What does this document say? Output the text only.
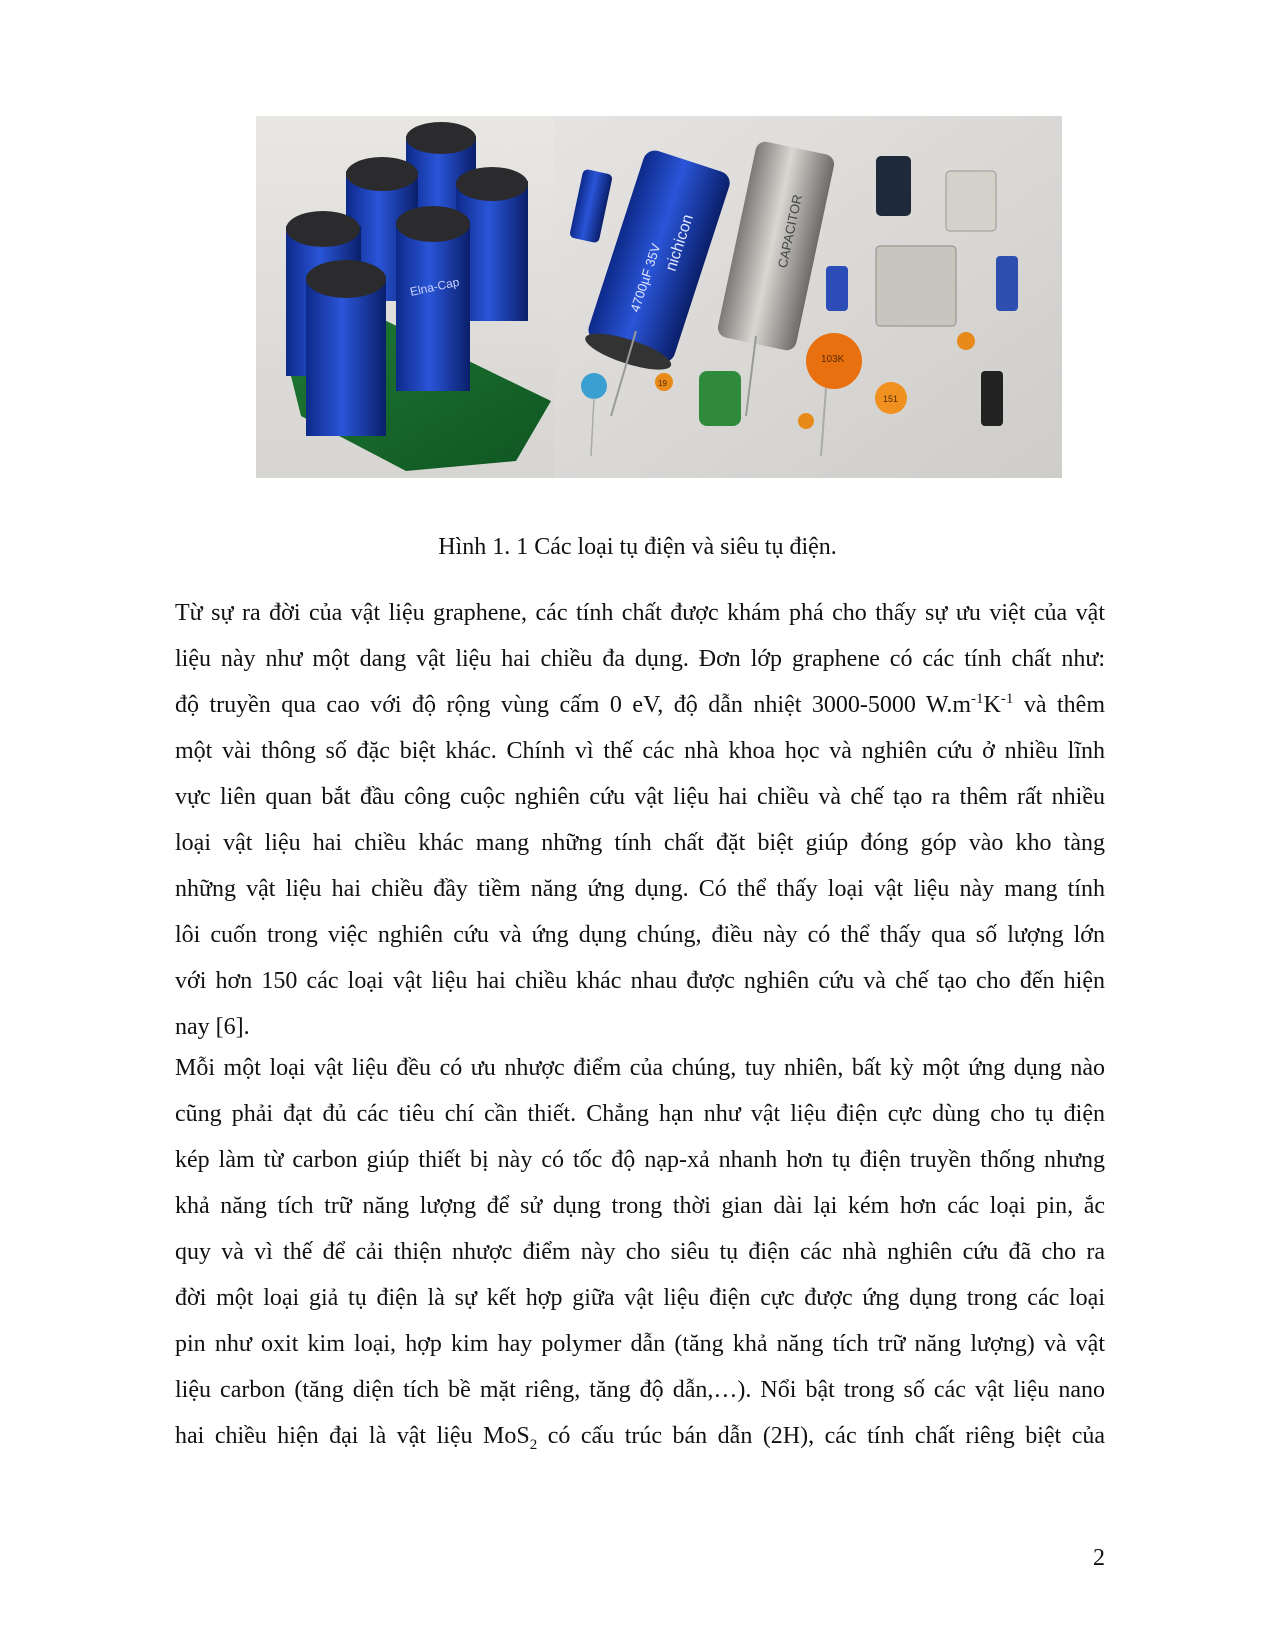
Elna-Cap
nichicon
4700µF 35V
CAPACITOR
103K
19
151
Hình 1. 1 Các loại tụ điện và siêu tụ điện.
Từ sự ra đời của vật liệu graphene, các tính chất được khám phá cho thấy sự ưu việt của vật
liệu này như một dang vật liệu hai chiều đa dụng. Đơn lớp graphene có các tính chất như:
độ truyền qua cao với độ rộng vùng cấm 0 eV, độ dẫn nhiệt 3000-5000 $W.m^{-1}K^{-1}$ và thêm
một vài thông số đặc biệt khác. Chính vì thế các nhà khoa học và nghiên cứu ở nhiều lĩnh
vực liên quan bắt đầu công cuộc nghiên cứu vật liệu hai chiều và chế tạo ra thêm rất nhiều
loại vật liệu hai chiều khác mang những tính chất đặt biệt giúp đóng góp vào kho tàng
những vật liệu hai chiều đầy tiềm năng ứng dụng. Có thể thấy loại vật liệu này mang tính
lôi cuốn trong việc nghiên cứu và ứng dụng chúng, điều này có thể thấy qua số lượng lớn
với hơn 150 các loại vật liệu hai chiều khác nhau được nghiên cứu và chế tạo cho đến hiện
nay [6].
Mỗi một loại vật liệu đều có ưu nhược điểm của chúng, tuy nhiên, bất kỳ một ứng dụng nào
cũng phải đạt đủ các tiêu chí cần thiết. Chẳng hạn như vật liệu điện cực dùng cho tụ điện
kép làm từ carbon giúp thiết bị này có tốc độ nạp-xả nhanh hơn tụ điện truyền thống nhưng
khả năng tích trữ năng lượng để sử dụng trong thời gian dài lại kém hơn các loại pin, ắc
quy và vì thế để cải thiện nhược điểm này cho siêu tụ điện các nhà nghiên cứu đã cho ra
đời một loại giả tụ điện là sự kết hợp giữa vật liệu điện cực được ứng dụng trong các loại
pin như oxit kim loại, hợp kim hay polymer dẫn (tăng khả năng tích trữ năng lượng) và vật
liệu carbon (tăng diện tích bề mặt riêng, tăng độ dẫn,…). Nổi bật trong số các vật liệu nano
hai chiều hiện đại là vật liệu MoS$_2$ có cấu trúc bán dẫn (2H), các tính chất riêng biệt của
2
